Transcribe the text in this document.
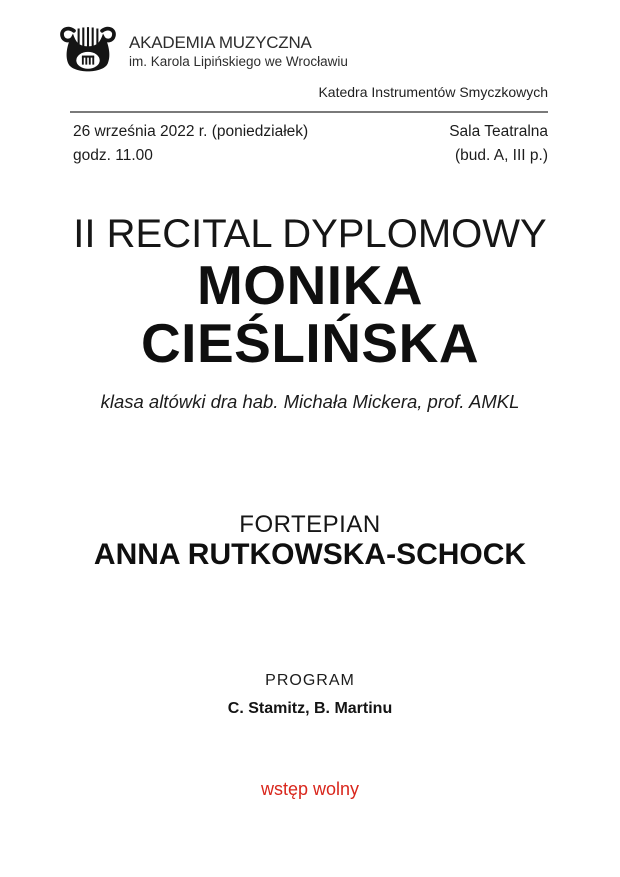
AKADEMIA MUZYCZNA
im. Karola Lipińskiego we Wrocławiu
Katedra Instrumentów Smyczkowych
26 września 2022 r. (poniedziałek)
godz. 11.00
Sala Teatralna
(bud. A, III p.)
II RECITAL DYPLOMOWY
MONIKA
CIEŚLIŃSKA
klasa altówki dra hab. Michała Mickera, prof. AMKL
FORTEPIAN
ANNA RUTKOWSKA-SCHOCK
PROGRAM
C. Stamitz, B. Martinu
wstęp wolny
